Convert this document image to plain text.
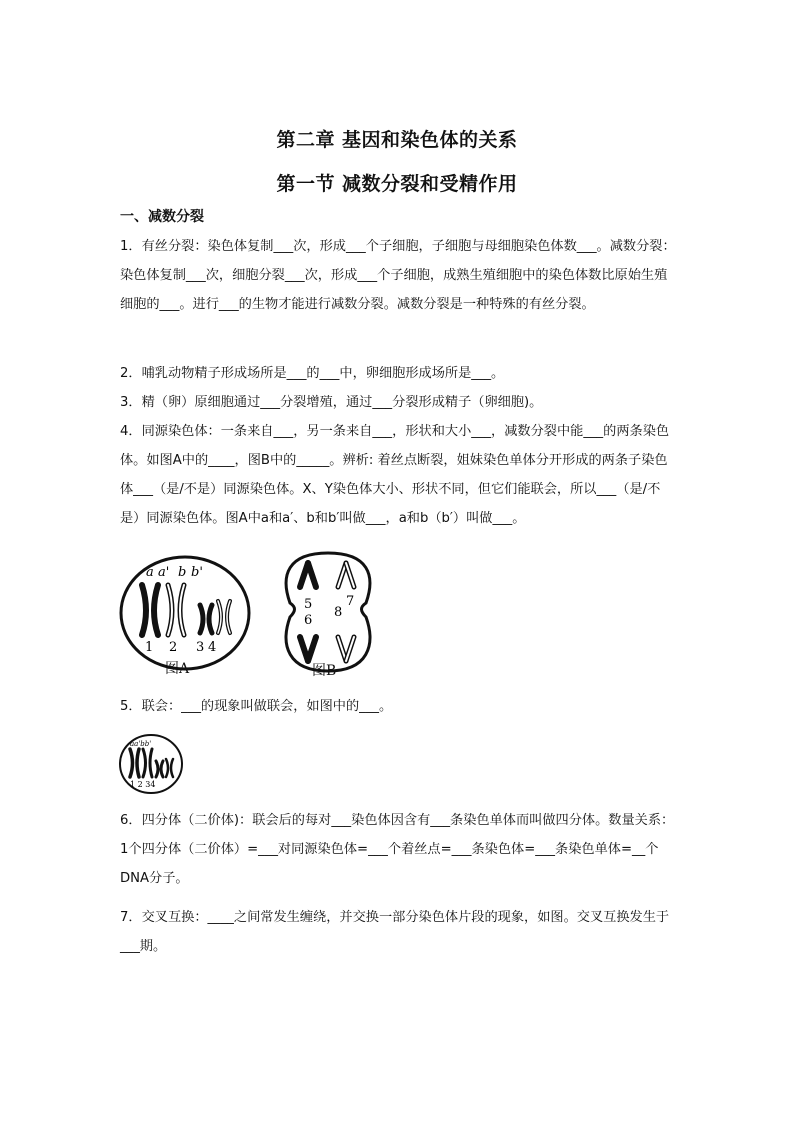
第二章 基因和染色体的关系
第一节 减数分裂和受精作用
一、减数分裂

1．有丝分裂：染色体复制___次，形成___个子细胞，子细胞与母细胞染色体数___。减数分裂：染色体复制___次，细胞分裂___次，形成___个子细胞，成熟生殖细胞中的染色体数比原始生殖细胞的___。进行___的生物才能进行减数分裂。减数分裂是一种特殊的有丝分裂。

2．哺乳动物精子形成场所是___的___中，卵细胞形成场所是___。

3．精（卵）原细胞通过___分裂增殖，通过___分裂形成精子（卵细胞)。

4．同源染色体：一条来自___，另一条来自___，形状和大小___，减数分裂中能___的两条染色体。如图A中的____，图B中的_____。辨析: 着丝点断裂，姐妹染色单体分开形成的两条子染色体___（是/不是）同源染色体。X、Y染色体大小、形状不同，但它们能联会，所以___（是/不是）同源染色体。图A中a和a′、b和b′叫做___，a和b（b′）叫做___。

a a' b b'
1 2 3 4
图A
5
6
7
8
图B

5．联会：___的现象叫做联会，如图中的___。

aa'bb'
1 2 34

6．四分体（二价体)：联会后的每对___染色体因含有___条染色单体而叫做四分体。数量关系：1个四分体（二价体）=___对同源染色体=___个着丝点=___条染色体=___条染色单体=__个DNA分子。

7．交叉互换：____之间常发生缠绕，并交换一部分染色体片段的现象，如图。交叉互换发生于___期。
